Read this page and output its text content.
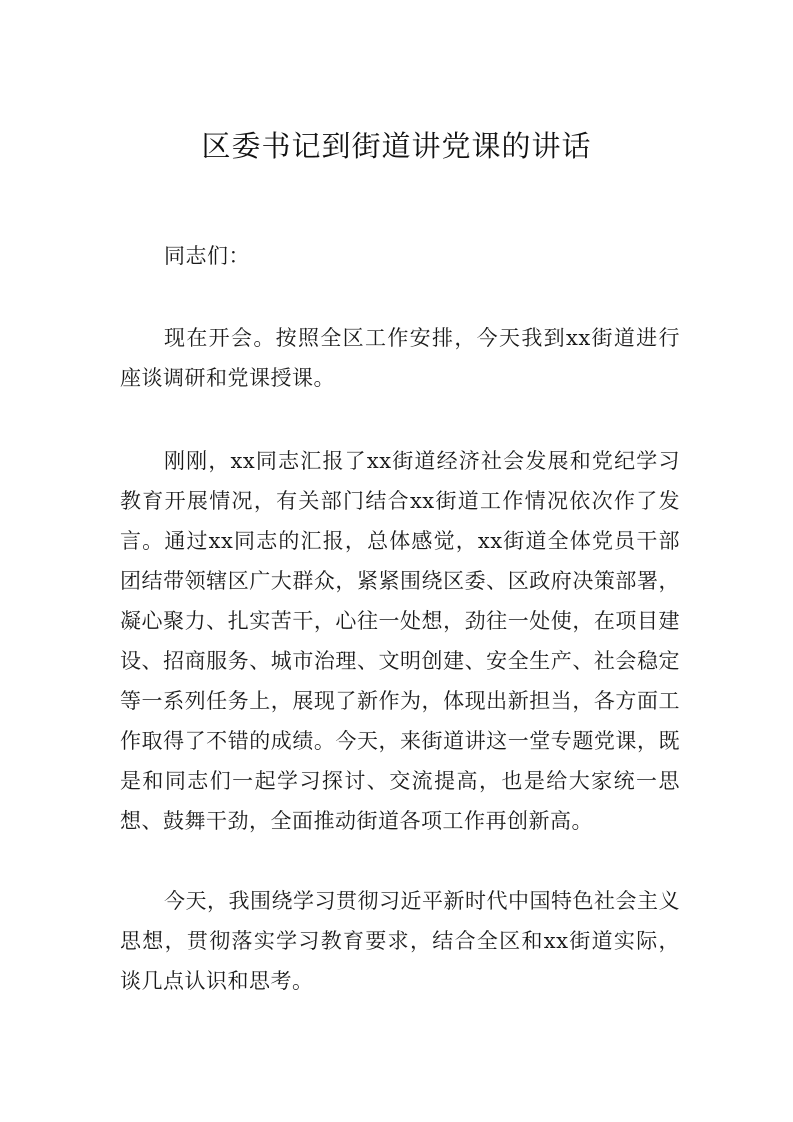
区委书记到街道讲党课的讲话

同志们：

现在开会。按照全区工作安排，今天我到xx街道进行座谈调研和党课授课。

刚刚，xx同志汇报了xx街道经济社会发展和党纪学习教育开展情况，有关部门结合xx街道工作情况依次作了发言。通过xx同志的汇报，总体感觉，xx街道全体党员干部团结带领辖区广大群众，紧紧围绕区委、区政府决策部署，凝心聚力、扎实苦干，心往一处想，劲往一处使，在项目建设、招商服务、城市治理、文明创建、安全生产、社会稳定等一系列任务上，展现了新作为，体现出新担当，各方面工作取得了不错的成绩。今天，来街道讲这一堂专题党课，既是和同志们一起学习探讨、交流提高，也是给大家统一思想、鼓舞干劲，全面推动街道各项工作再创新高。

今天，我围绕学习贯彻习近平新时代中国特色社会主义思想，贯彻落实学习教育要求，结合全区和xx街道实际，谈几点认识和思考。
